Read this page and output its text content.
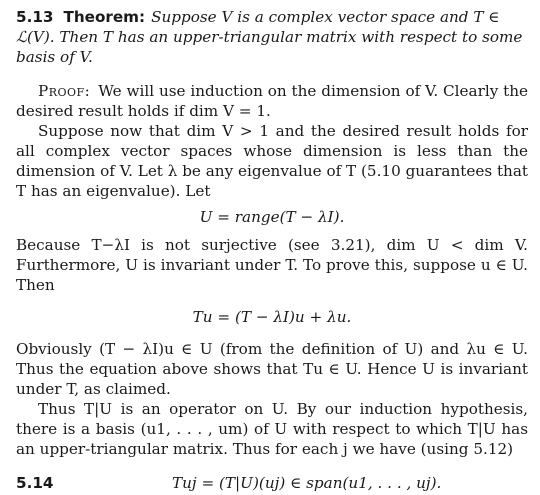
5.13 Theorem: Suppose V is a complex vector space and T ∈ ℒ(V). Then T has an upper-triangular matrix with respect to some basis of V.

Proof: We will use induction on the dimension of V. Clearly the desired result holds if dim V = 1.

Suppose now that dim V > 1 and the desired result holds for all complex vector spaces whose dimension is less than the dimension of V. Let λ be any eigenvalue of T (5.10 guarantees that T has an eigenvalue). Let

U = range(T − λI).

Because T−λI is not surjective (see 3.21), dim U < dim V. Furthermore, U is invariant under T. To prove this, suppose u ∈ U. Then

Tu = (T − λI)u + λu.

Obviously (T − λI)u ∈ U (from the definition of U) and λu ∈ U. Thus the equation above shows that Tu ∈ U. Hence U is invariant under T, as claimed.

Thus T|U is an operator on U. By our induction hypothesis, there is a basis (u1, . . . , um) of U with respect to which T|U has an upper-triangular matrix. Thus for each j we have (using 5.12)

5.14	Tuj = (T|U)(uj) ∈ span(u1, . . . , uj).
